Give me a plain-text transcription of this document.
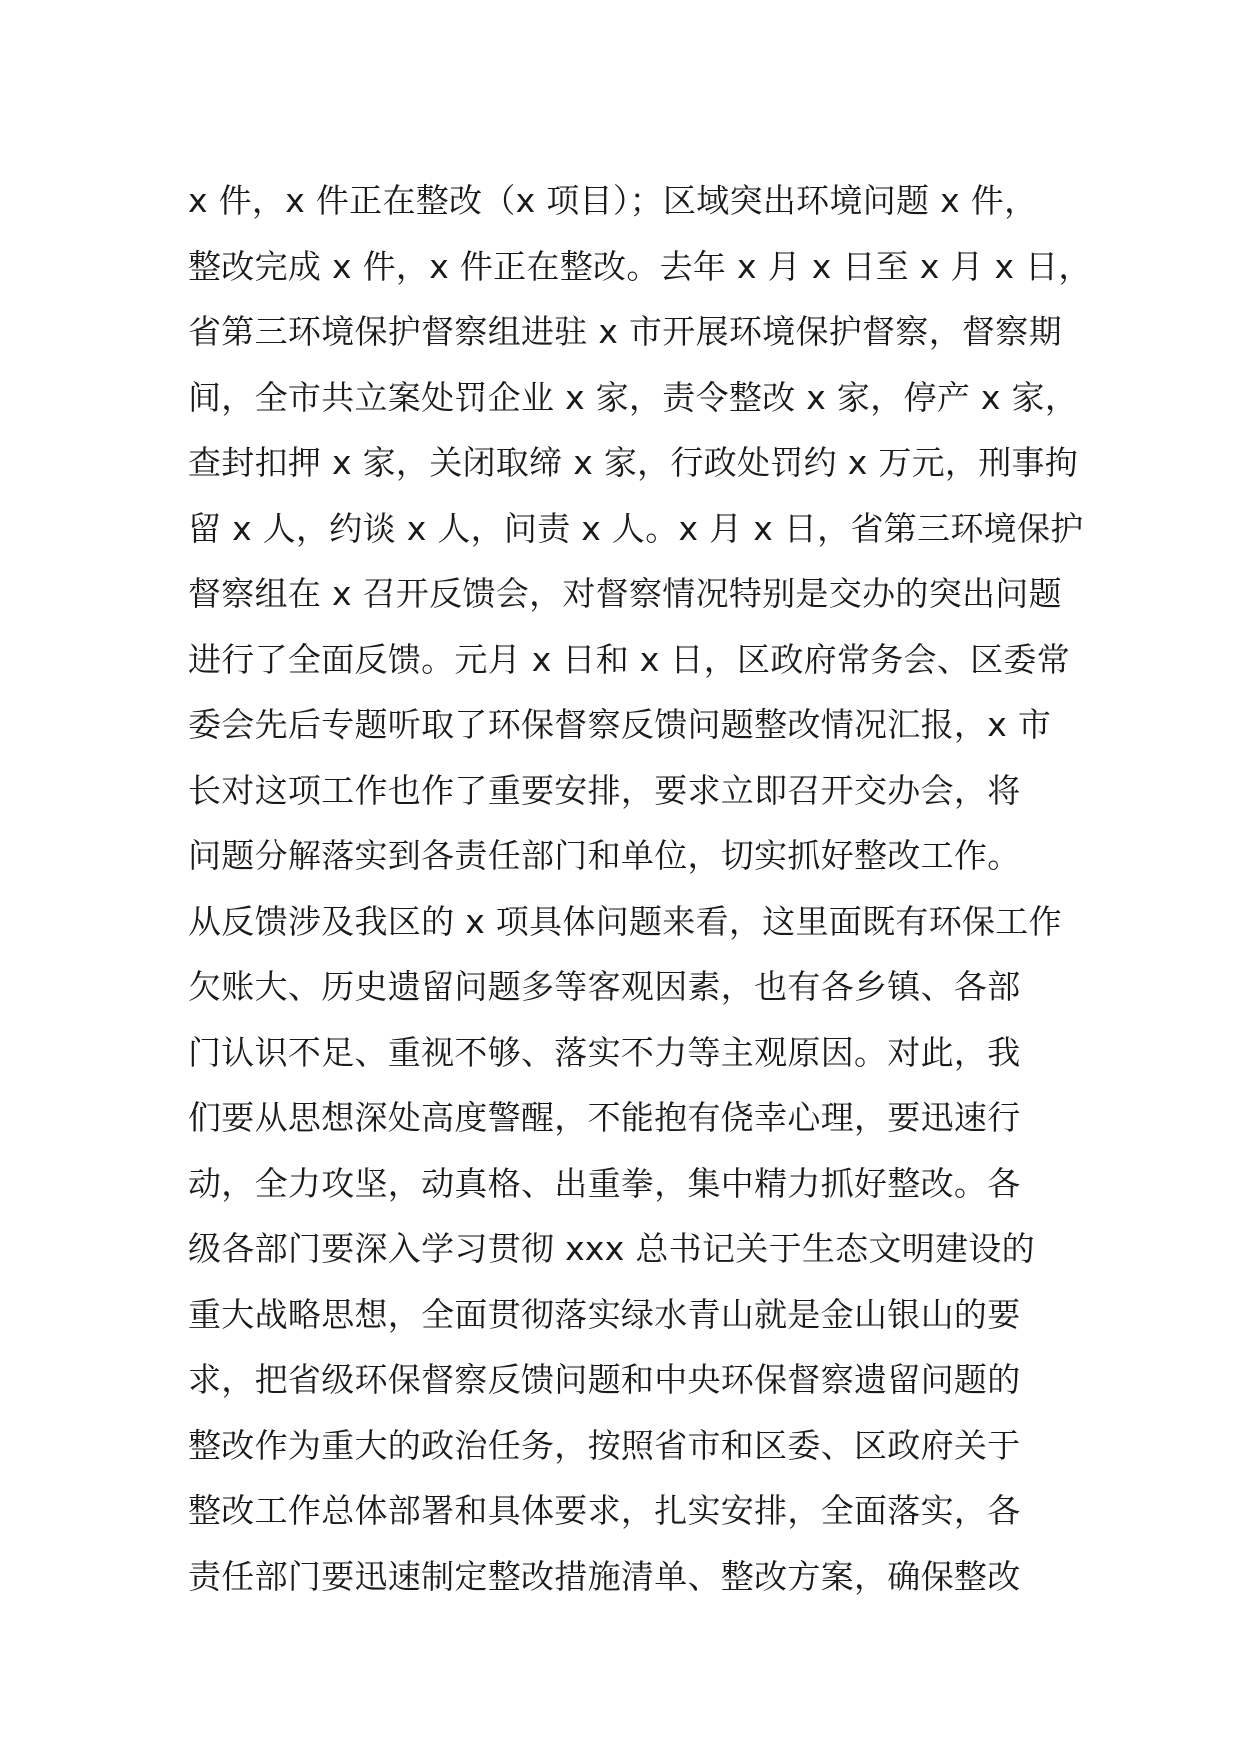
x 件，x 件正在整改（x 项目）；区域突出环境问题 x 件，
整改完成 x 件，x 件正在整改。去年 x 月 x 日至 x 月 x 日，
省第三环境保护督察组进驻 x 市开展环境保护督察，督察期
间，全市共立案处罚企业 x 家，责令整改 x 家，停产 x 家，
查封扣押 x 家，关闭取缔 x 家，行政处罚约 x 万元，刑事拘
留 x 人，约谈 x 人，问责 x 人。x 月 x 日，省第三环境保护
督察组在 x 召开反馈会，对督察情况特别是交办的突出问题
进行了全面反馈。元月 x 日和 x 日，区政府常务会、区委常
委会先后专题听取了环保督察反馈问题整改情况汇报，x 市
长对这项工作也作了重要安排，要求立即召开交办会，将
问题分解落实到各责任部门和单位，切实抓好整改工作。
从反馈涉及我区的 x 项具体问题来看，这里面既有环保工作
欠账大、历史遗留问题多等客观因素，也有各乡镇、各部
门认识不足、重视不够、落实不力等主观原因。对此，我
们要从思想深处高度警醒，不能抱有侥幸心理，要迅速行
动，全力攻坚，动真格、出重拳，集中精力抓好整改。各
级各部门要深入学习贯彻 xxx 总书记关于生态文明建设的
重大战略思想，全面贯彻落实绿水青山就是金山银山的要
求，把省级环保督察反馈问题和中央环保督察遗留问题的
整改作为重大的政治任务，按照省市和区委、区政府关于
整改工作总体部署和具体要求，扎实安排，全面落实，各
责任部门要迅速制定整改措施清单、整改方案，确保整改
